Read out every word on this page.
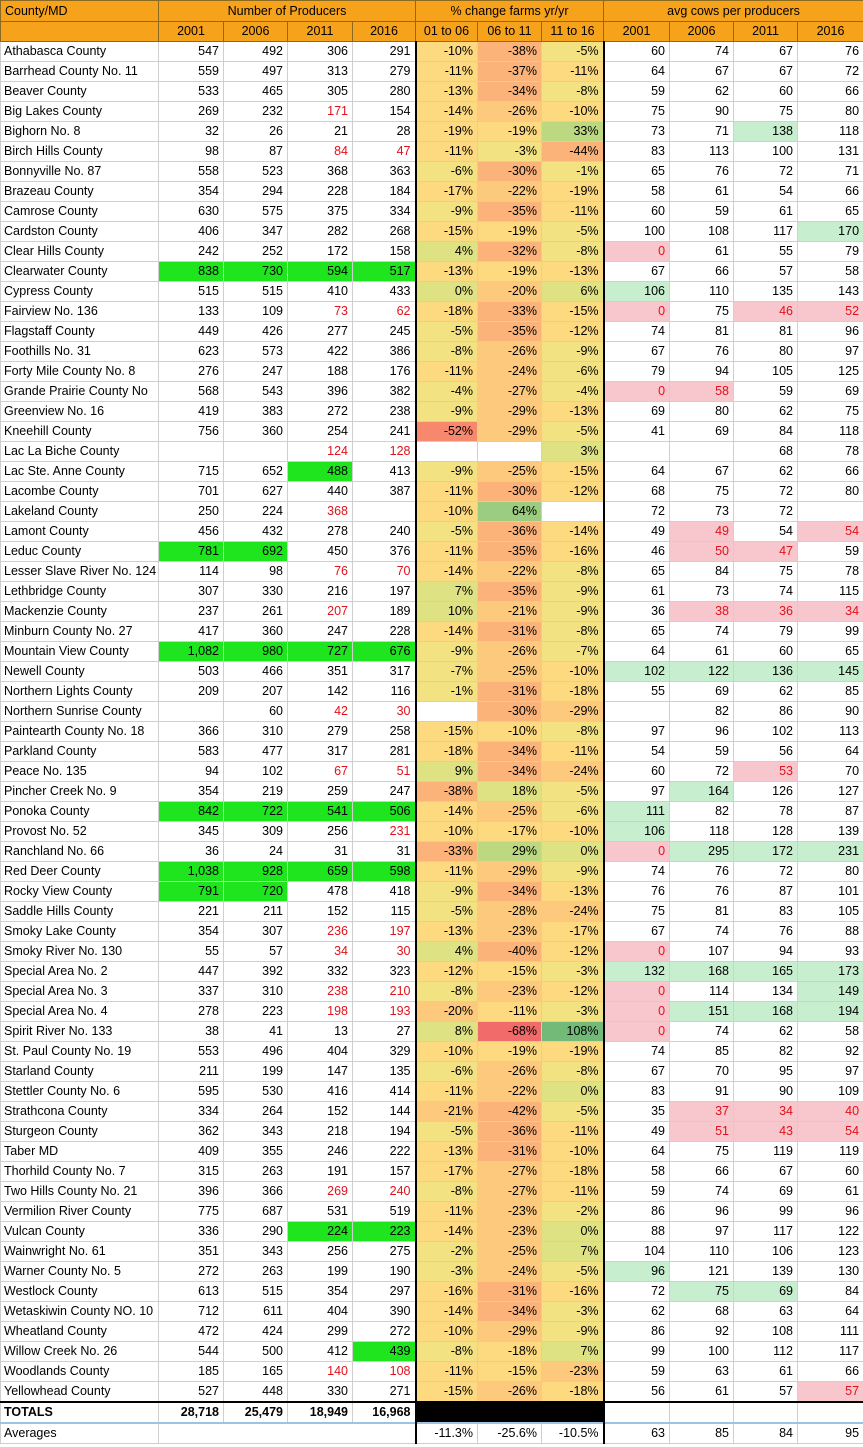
County/MD	Number of Producers				% change farms yr/yr			avg cows per producers			
	2001	2006	2011	2016	01 to 06	06 to 11	11 to 16	2001	2006	2011	2016
Athabasca County	547	492	306	291	-10%	-38%	-5%	60	74	67	76
Barrhead County No. 11	559	497	313	279	-11%	-37%	-11%	64	67	67	72
Beaver County	533	465	305	280	-13%	-34%	-8%	59	62	60	66
Big Lakes County	269	232	171	154	-14%	-26%	-10%	75	90	75	80
Bighorn No. 8	32	26	21	28	-19%	-19%	33%	73	71	138	118
Birch Hills County	98	87	84	47	-11%	-3%	-44%	83	113	100	131
Bonnyville No. 87	558	523	368	363	-6%	-30%	-1%	65	76	72	71
Brazeau County	354	294	228	184	-17%	-22%	-19%	58	61	54	66
Camrose County	630	575	375	334	-9%	-35%	-11%	60	59	61	65
Cardston County	406	347	282	268	-15%	-19%	-5%	100	108	117	170
Clear Hills County	242	252	172	158	4%	-32%	-8%	0	61	55	79
Clearwater County	838	730	594	517	-13%	-19%	-13%	67	66	57	58
Cypress County	515	515	410	433	0%	-20%	6%	106	110	135	143
Fairview No. 136	133	109	73	62	-18%	-33%	-15%	0	75	46	52
Flagstaff County	449	426	277	245	-5%	-35%	-12%	74	81	81	96
Foothills No. 31	623	573	422	386	-8%	-26%	-9%	67	76	80	97
Forty Mile County No. 8	276	247	188	176	-11%	-24%	-6%	79	94	105	125
Grande Prairie County No	568	543	396	382	-4%	-27%	-4%	0	58	59	69
Greenview No. 16	419	383	272	238	-9%	-29%	-13%	69	80	62	75
Kneehill County	756	360	254	241	-52%	-29%	-5%	41	69	84	118
Lac La Biche County			124	128			3%			68	78
Lac Ste. Anne County	715	652	488	413	-9%	-25%	-15%	64	67	62	66
Lacombe County	701	627	440	387	-11%	-30%	-12%	68	75	72	80
Lakeland County	250	224	368		-10%	64%		72	73	72	
Lamont County	456	432	278	240	-5%	-36%	-14%	49	49	54	54
Leduc County	781	692	450	376	-11%	-35%	-16%	46	50	47	59
Lesser Slave River No. 124	114	98	76	70	-14%	-22%	-8%	65	84	75	78
Lethbridge County	307	330	216	197	7%	-35%	-9%	61	73	74	115
Mackenzie County	237	261	207	189	10%	-21%	-9%	36	38	36	34
Minburn County No. 27	417	360	247	228	-14%	-31%	-8%	65	74	79	99
Mountain View County	1,082	980	727	676	-9%	-26%	-7%	64	61	60	65
Newell County	503	466	351	317	-7%	-25%	-10%	102	122	136	145
Northern Lights County	209	207	142	116	-1%	-31%	-18%	55	69	62	85
Northern Sunrise County		60	42	30		-30%	-29%		82	86	90
Paintearth County No. 18	366	310	279	258	-15%	-10%	-8%	97	96	102	113
Parkland County	583	477	317	281	-18%	-34%	-11%	54	59	56	64
Peace No. 135	94	102	67	51	9%	-34%	-24%	60	72	53	70
Pincher Creek No. 9	354	219	259	247	-38%	18%	-5%	97	164	126	127
Ponoka County	842	722	541	506	-14%	-25%	-6%	111	82	78	87
Provost No. 52	345	309	256	231	-10%	-17%	-10%	106	118	128	139
Ranchland No. 66	36	24	31	31	-33%	29%	0%	0	295	172	231
Red Deer County	1,038	928	659	598	-11%	-29%	-9%	74	76	72	80
Rocky View County	791	720	478	418	-9%	-34%	-13%	76	76	87	101
Saddle Hills County	221	211	152	115	-5%	-28%	-24%	75	81	83	105
Smoky Lake County	354	307	236	197	-13%	-23%	-17%	67	74	76	88
Smoky River No. 130	55	57	34	30	4%	-40%	-12%	0	107	94	93
Special Area No. 2	447	392	332	323	-12%	-15%	-3%	132	168	165	173
Special Area No. 3	337	310	238	210	-8%	-23%	-12%	0	114	134	149
Special Area No. 4	278	223	198	193	-20%	-11%	-3%	0	151	168	194
Spirit River No. 133	38	41	13	27	8%	-68%	108%	0	74	62	58
St. Paul County No. 19	553	496	404	329	-10%	-19%	-19%	74	85	82	92
Starland County	211	199	147	135	-6%	-26%	-8%	67	70	95	97
Stettler County No. 6	595	530	416	414	-11%	-22%	0%	83	91	90	109
Strathcona County	334	264	152	144	-21%	-42%	-5%	35	37	34	40
Sturgeon County	362	343	218	194	-5%	-36%	-11%	49	51	43	54
Taber MD	409	355	246	222	-13%	-31%	-10%	64	75	119	119
Thorhild County No. 7	315	263	191	157	-17%	-27%	-18%	58	66	67	60
Two Hills County No. 21	396	366	269	240	-8%	-27%	-11%	59	74	69	61
Vermilion River County	775	687	531	519	-11%	-23%	-2%	86	96	99	96
Vulcan County	336	290	224	223	-14%	-23%	0%	88	97	117	122
Wainwright No. 61	351	343	256	275	-2%	-25%	7%	104	110	106	123
Warner County No. 5	272	263	199	190	-3%	-24%	-5%	96	121	139	130
Westlock County	613	515	354	297	-16%	-31%	-16%	72	75	69	84
Wetaskiwin County NO. 10	712	611	404	390	-14%	-34%	-3%	62	68	63	64
Wheatland County	472	424	299	272	-10%	-29%	-9%	86	92	108	111
Willow Creek No. 26	544	500	412	439	-8%	-18%	7%	99	100	112	117
Woodlands County	185	165	140	108	-11%	-15%	-23%	59	63	61	66
Yellowhead County	527	448	330	271	-15%	-26%	-18%	56	61	57	57
TOTALS	28,718	25,479	18,949	16,968							
Averages					-11.3%	-25.6%	-10.5%	63	85	84	95
